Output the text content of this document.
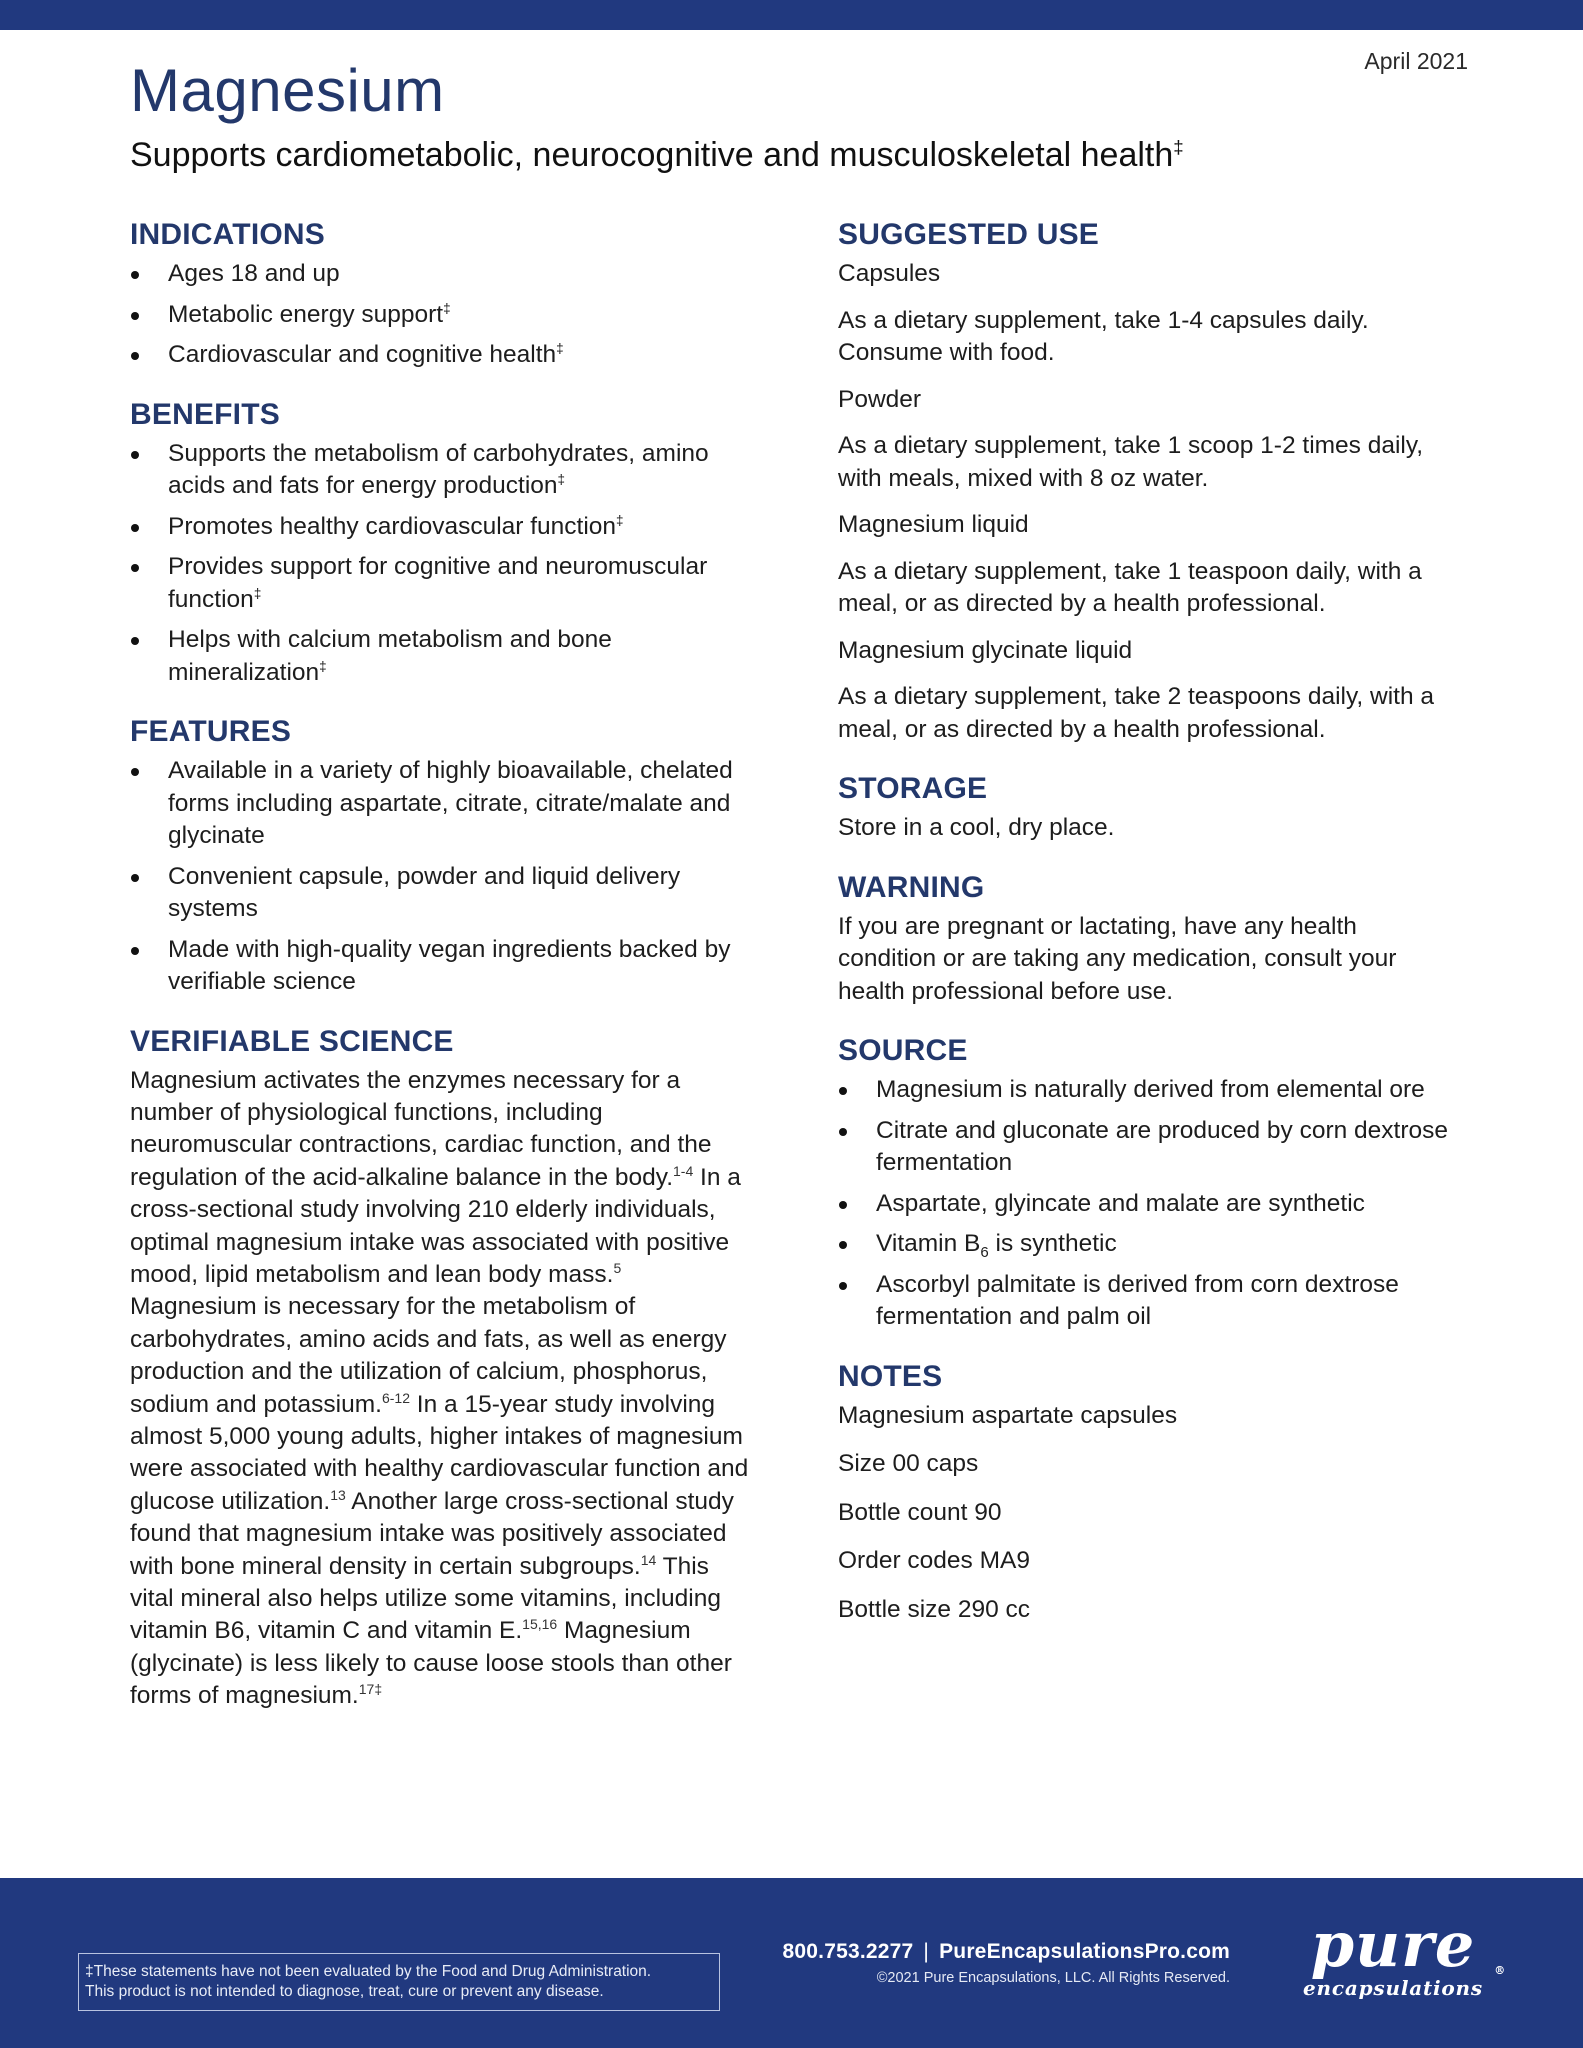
April 2021
Magnesium
Supports cardiometabolic, neurocognitive and musculoskeletal health‡
INDICATIONS
Ages 18 and up
Metabolic energy support‡
Cardiovascular and cognitive health‡
BENEFITS
Supports the metabolism of carbohydrates, amino acids and fats for energy production‡
Promotes healthy cardiovascular function‡
Provides support for cognitive and neuromuscular function‡
Helps with calcium metabolism and bone mineralization‡
FEATURES
Available in a variety of highly bioavailable, chelated forms including aspartate, citrate, citrate/malate and glycinate
Convenient capsule, powder and liquid delivery systems
Made with high-quality vegan ingredients backed by verifiable science
VERIFIABLE SCIENCE

Magnesium activates the enzymes necessary for a number of physiological functions, including neuromuscular contractions, cardiac function, and the regulation of the acid-alkaline balance in the body.$^{1-4}$ In a cross-sectional study involving 210 elderly individuals, optimal magnesium intake was associated with positive mood, lipid metabolism and lean body mass.$^5$ Magnesium is necessary for the metabolism of carbohydrates, amino acids and fats, as well as energy production and the utilization of calcium, phosphorus, sodium and potassium.$^{6-12}$ In a 15-year study involving almost 5,000 young adults, higher intakes of magnesium were associated with healthy cardiovascular function and glucose utilization.$^{13}$ Another large cross-sectional study found that magnesium intake was positively associated with bone mineral density in certain subgroups.$^{14}$ This vital mineral also helps utilize some vitamins, including vitamin B6, vitamin C and vitamin E.$^{15,16}$ Magnesium (glycinate) is less likely to cause loose stools than other forms of magnesium.$^{17\ddagger}$

SUGGESTED USE

Capsules

As a dietary supplement, take 1-4 capsules daily. Consume with food.

Powder

As a dietary supplement, take 1 scoop 1-2 times daily, with meals, mixed with 8 oz water.

Magnesium liquid

As a dietary supplement, take 1 teaspoon daily, with a meal, or as directed by a health professional.

Magnesium glycinate liquid

As a dietary supplement, take 2 teaspoons daily, with a meal, or as directed by a health professional.

STORAGE

Store in a cool, dry place.

WARNING

If you are pregnant or lactating, have any health condition or are taking any medication, consult your health professional before use.

SOURCE
Magnesium is naturally derived from elemental ore
Citrate and gluconate are produced by corn dextrose fermentation
Aspartate, glyincate and malate are synthetic
Vitamin $B_6$ is synthetic
Ascorbyl palmitate is derived from corn dextrose fermentation and palm oil
NOTES

Magnesium aspartate capsules

Size 00 caps

Bottle count 90

Order codes MA9

Bottle size 290 cc

‡These statements have not been evaluated by the Food and Drug Administration.
This product is not intended to diagnose, treat, cure or prevent any disease.
800.753.2277 | PureEncapsulationsPro.com
©2021 Pure Encapsulations, LLC. All Rights Reserved.	pure
encapsulations
®
